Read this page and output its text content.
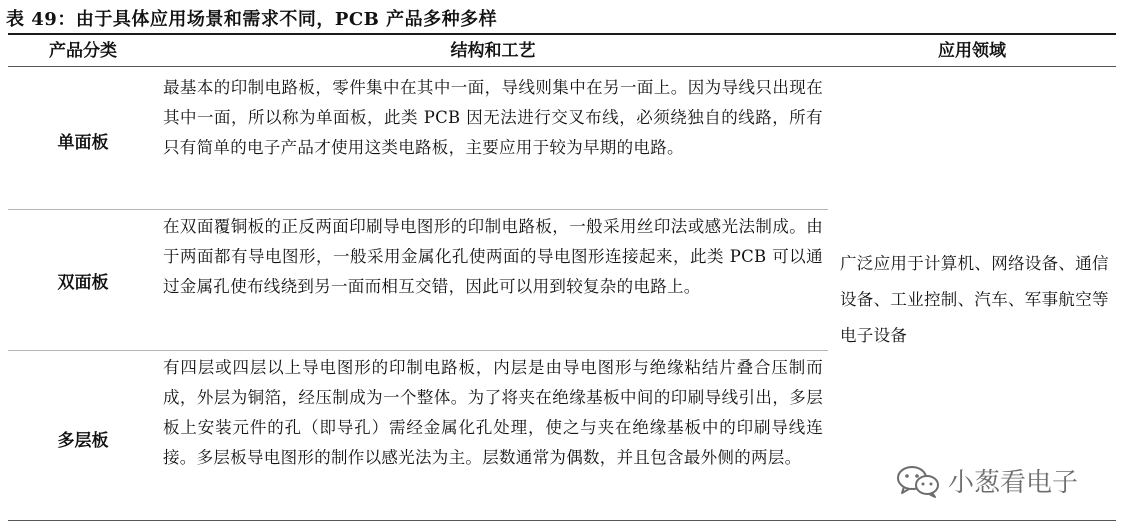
表 49：由于具体应用场景和需求不同，PCB 产品多种多样
产品分类	结构和工艺	应用领域
单面板
最基本的印制电路板，零件集中在其中一面，导线则集中在另一面上。因为导线只出现在其中一面，所以称为单面板，此类 PCB 因无法进行交叉布线，必须绕独自的线路，所有只有简单的电子产品才使用这类电路板，主要应用于较为早期的电路。
双面板
在双面覆铜板的正反两面印刷导电图形的印制电路板，一般采用丝印法或感光法制成。由于两面都有导电图形，一般采用金属化孔使两面的导电图形连接起来，此类 PCB 可以通过金属孔使布线绕到另一面而相互交错，因此可以用到较复杂的电路上。
多层板
有四层或四层以上导电图形的印制电路板，内层是由导电图形与绝缘粘结片叠合压制而成，外层为铜箔，经压制成为一个整体。为了将夹在绝缘基板中间的印刷导线引出，多层板上安装元件的孔（即导孔）需经金属化孔处理，使之与夹在绝缘基板中的印刷导线连接。多层板导电图形的制作以感光法为主。层数通常为偶数，并且包含最外侧的两层。
广泛应用于计算机、网络设备、通信设备、工业控制、汽车、军事航空等电子设备
小葱看电子
